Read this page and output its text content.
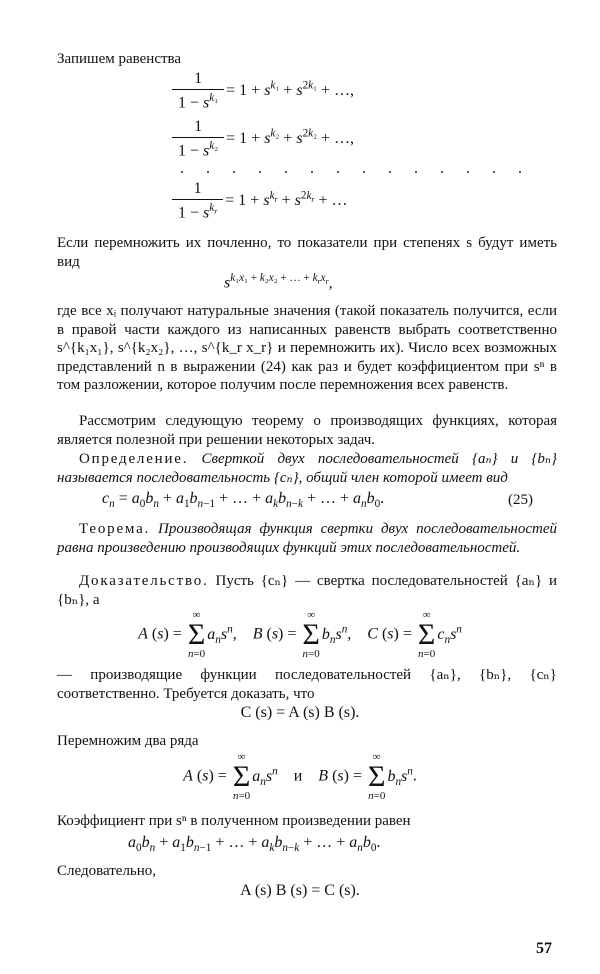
Запишем равенства

$\frac{1}{1 - s^{k_1}} = 1 + s^{k_1} + s^{2k_1}$ + …,
$\frac{1}{1 - s^{k_2}} = 1 + s^{k_2} + s^{2k_2}$ + …,
. . . . . . . . . . . . . .
$\frac{1}{1 - s^{k_r}} = 1 + s^{k_r} + s^{2k_r}$ + …

Если перемножить их почленно, то показатели при степенях s будут иметь вид

$s^{k_1x_1 + k_2x_2 + \dots + k_rx_r}$,

где все xᵢ получают натуральные значения (такой показатель получится, если в правой части каждого из написанных равенств выбрать соответственно s^{k₁x₁}, s^{k₂x₂}, …, s^{k_r x_r} и перемножить их). Число всех возможных представлений n в выражении (24) как раз и будет коэффициентом при sⁿ в том разложении, которое получим после перемножения всех равенств.

Рассмотрим следующую теорему о производящих функциях, которая является полезной при решении некоторых задач.

Определение. Сверткой двух последовательностей {aₙ} и {bₙ} называется последовательность {cₙ}, общий член которой имеет вид

$c_n = a_0b_n + a_1b_{n-1}$ + … + $a_kb_{n-k}$ + … + $a_nb_0$.	(25)

Теорема. Производящая функция свертки двух последовательностей равна произведению производящих функций этих последовательностей.

Доказательство. Пусть {cₙ} — свертка последовательностей {aₙ} и {bₙ}, а

A (s) =
∞
Σ
n=0
$a_ns^n$,    B (s) =
∞
Σ
n=0
$b_ns^n$,    C (s) =
∞
Σ
n=0
$c_ns^n$

— производящие функции последовательностей {aₙ}, {bₙ}, {cₙ} соответственно. Требуется доказать, что

C (s) = A (s) B (s).

Перемножим два ряда

A (s) =
∞
Σ
n=0
$a_ns^n$    и    B (s) =
∞
Σ
n=0
$b_ns^n$.

Коэффициент при sⁿ в полученном произведении равен

$a_0b_n + a_1b_{n-1}$ + … + $a_kb_{n-k}$ + … + $a_nb_0$.

Следовательно,

A (s) B (s) = C (s).
57
